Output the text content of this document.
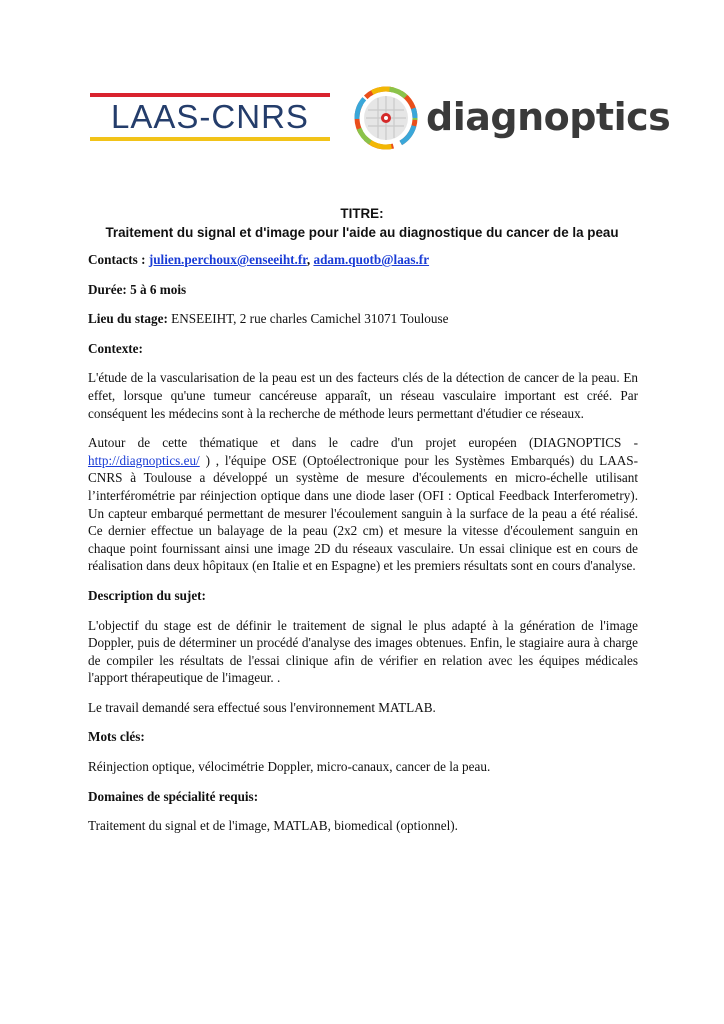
LAAS-CNRS	diagnoptics
TITRE:
Traitement du signal et d'image pour l'aide au diagnostique du cancer de la peau

Contacts : julien.perchoux@enseeiht.fr, adam.quotb@laas.fr

Durée: 5 à 6 mois

Lieu du stage: ENSEEIHT, 2 rue charles Camichel 31071 Toulouse

Contexte:

L'étude de la vascularisation de la peau est un des facteurs clés de la détection de cancer de la peau. En effet, lorsque qu'une tumeur cancéreuse apparaît, un réseau vasculaire important est créé. Par conséquent les médecins sont à la recherche de méthode leurs permettant d'étudier ce réseaux.

Autour de cette thématique et dans le cadre d'un projet européen (DIAGNOPTICS - http://diagnoptics.eu/ ) , l'équipe OSE (Optoélectronique pour les Systèmes Embarqués) du LAAS-CNRS à Toulouse a développé un système de mesure d'écoulements en micro-échelle utilisant l’interférométrie par réinjection optique dans une diode laser (OFI : Optical Feedback Interferometry). Un capteur embarqué permettant de mesurer l'écoulement sanguin à la surface de la peau a été réalisé. Ce dernier effectue un balayage de la peau (2x2 cm) et mesure la vitesse d'écoulement sanguin en chaque point fournissant ainsi une image 2D du réseaux vasculaire. Un essai clinique est en cours de réalisation dans deux hôpitaux (en Italie et en Espagne) et les premiers résultats sont en cours d'analyse.

Description du sujet:

L'objectif du stage est de définir le traitement de signal le plus adapté à la génération de l'image Doppler, puis de déterminer un procédé d'analyse des images obtenues. Enfin, le stagiaire aura à charge de compiler les résultats de l'essai clinique afin de vérifier en relation avec les équipes médicales l'apport thérapeutique de l'imageur. .

Le travail demandé sera effectué sous l'environnement MATLAB.

Mots clés:

Réinjection optique, vélocimétrie Doppler, micro-canaux, cancer de la peau.

Domaines de spécialité requis:

Traitement du signal et de l'image, MATLAB, biomedical (optionnel).
